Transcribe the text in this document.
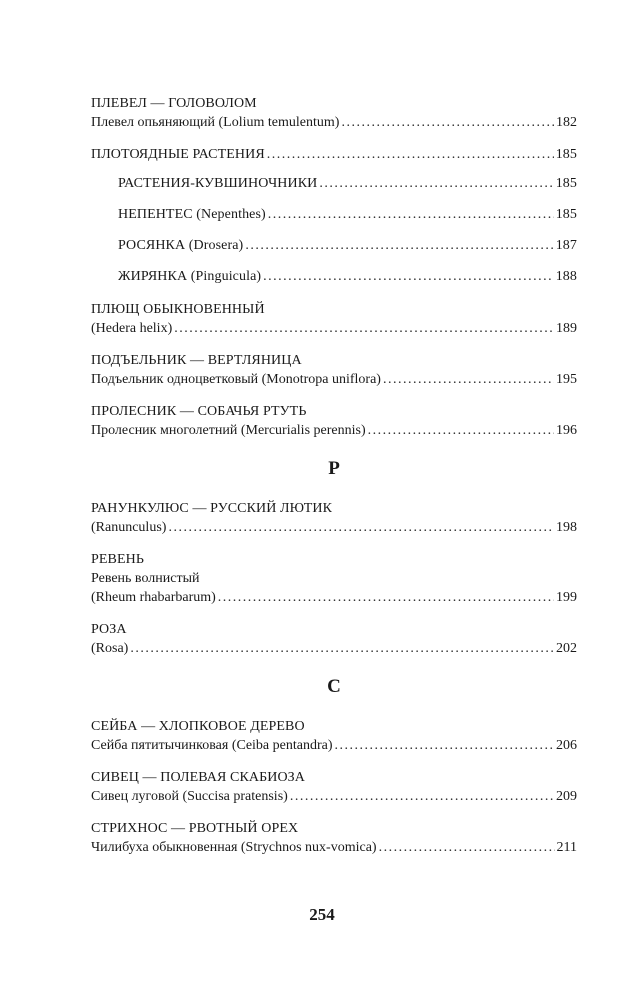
ПЛЕВЕЛ — ГОЛОВОЛОМ
Плевел опьяняющий (Lolium temulentum) .....	182
ПЛОТОЯДНЫЕ РАСТЕНИЯ .....	185
РАСТЕНИЯ-КУВШИНОЧНИКИ .....	185
НЕПЕНТЕС (Nepenthes) .....	185
РОСЯНКА (Drosera) .....	187
ЖИРЯНКА (Pinguicula) .....	188
ПЛЮЩ ОБЫКНОВЕННЫЙ
(Hedera helix) .....	189
ПОДЪЕЛЬНИК — ВЕРТЛЯНИЦА
Подъельник одноцветковый (Monotropa uniflora) .....	195
ПРОЛЕСНИК — СОБАЧЬЯ РТУТЬ
Пролесник многолетний (Mercurialis perennis) .....	196
Р
РАНУНКУЛЮС — РУССКИЙ ЛЮТИК
(Ranunculus) .....	198
РЕВЕНЬ
Ревень волнистый
(Rheum rhabarbarum) .....	199
РОЗА
(Rosa) .....	202
С
СЕЙБА — ХЛОПКОВОЕ ДЕРЕВО
Сейба пятитычинковая (Ceiba pentandra) .....	206
СИВЕЦ — ПОЛЕВАЯ СКАБИОЗА
Сивец луговой (Succisa pratensis) .....	209
СТРИХНОС — РВОТНЫЙ ОРЕХ
Чилибуха обыкновенная (Strychnos nux-vomica) .....	211
254
